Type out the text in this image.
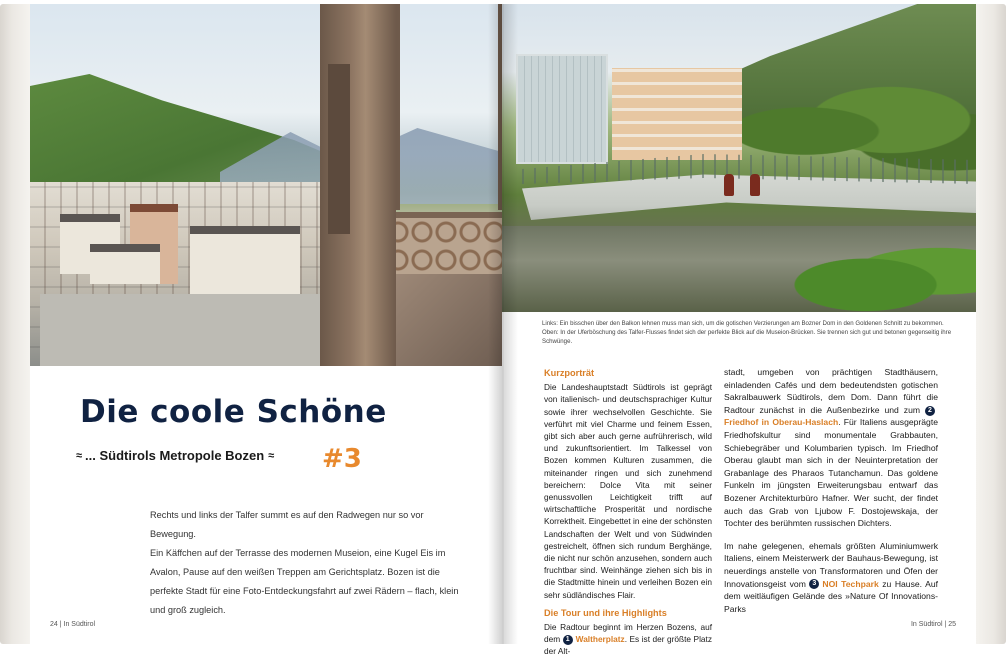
Die coole Schöne
≈ ... Südtirols Metropole Bozen ≈ #3
Rechts und links der Talfer summt es auf den Radwegen nur so vor Bewegung.
Ein Käffchen auf der Terrasse des modernen Museion, eine Kugel Eis im
Avalon, Pause auf den weißen Treppen am Gerichtsplatz. Bozen ist die
perfekte Stadt für eine Foto-Entdeckungsfahrt auf zwei Rädern – flach, klein
und groß zugleich.
24 | In Südtirol
Links: Ein bisschen über den Balkon lehnen muss man sich, um die gotischen Verzierungen am Bozner Dom in den Goldenen Schnitt zu bekommen. Oben: In der Uferböschung des Talfer-Flusses findet sich der perfekte Blick auf die Museion-Brücken. Sie trennen sich gut und betonen gegenseitig ihre Schwünge.
Kurzporträt
Die Landeshauptstadt Südtirols ist geprägt von italienisch- und deutschsprachiger Kultur sowie ihrer wechselvollen Geschichte. Sie verführt mit viel Charme und feinem Essen, gibt sich aber auch gerne aufrührerisch, wild und zukunftsorientiert. Im Talkessel von Bozen kommen Kulturen zusammen, die miteinander ringen und sich zunehmend bereichern: Dolce Vita mit seiner genussvollen Leichtigkeit trifft auf wirtschaftliche Prosperität und nordische Korrektheit. Eingebettet in eine der schönsten Landschaften der Welt und von Südwinden gestreichelt, öffnen sich rundum Berghänge, die nicht nur schön anzusehen, sondern auch fruchtbar sind. Weinhänge ziehen sich bis in die Stadtmitte hinein und verleihen Bozen ein sehr südländisches Flair.
Die Tour und ihre Highlights
Die Radtour beginnt im Herzen Bozens, auf dem 1 Waltherplatz. Es ist der größte Platz der Alt-
stadt, umgeben von prächtigen Stadthäusern, einladenden Cafés und dem bedeutendsten gotischen Sakralbauwerk Südtirols, dem Dom. Dann führt die Radtour zunächst in die Außenbezirke und zum 2Friedhof in Oberau-Haslach. Für Italiens ausgeprägte Friedhofskultur sind monumentale Grabbauten, Schiebegräber und Kolumbarien typisch. Im Friedhof Oberau glaubt man sich in der Neuinterpretation der Grabanlage des Pharaos Tutanchamun. Das goldene Funkeln im jüngsten Erweiterungsbau entwarf das Bozener Architekturbüro Hafner. Wer sucht, der findet auch das Grab von Ljubow F. Dostojewskaja, der Tochter des berühmten russischen Dichters.
Im nahe gelegenen, ehemals größten Aluminiumwerk Italiens, einem Meisterwerk der Bauhaus-Bewegung, ist neuerdings anstelle von Transformatoren und Öfen der Innovationsgeist vom 3 NOI Techpark zu Hause. Auf dem weitläufigen Gelände des »Nature Of Innovations-Parks
In Südtirol | 25
